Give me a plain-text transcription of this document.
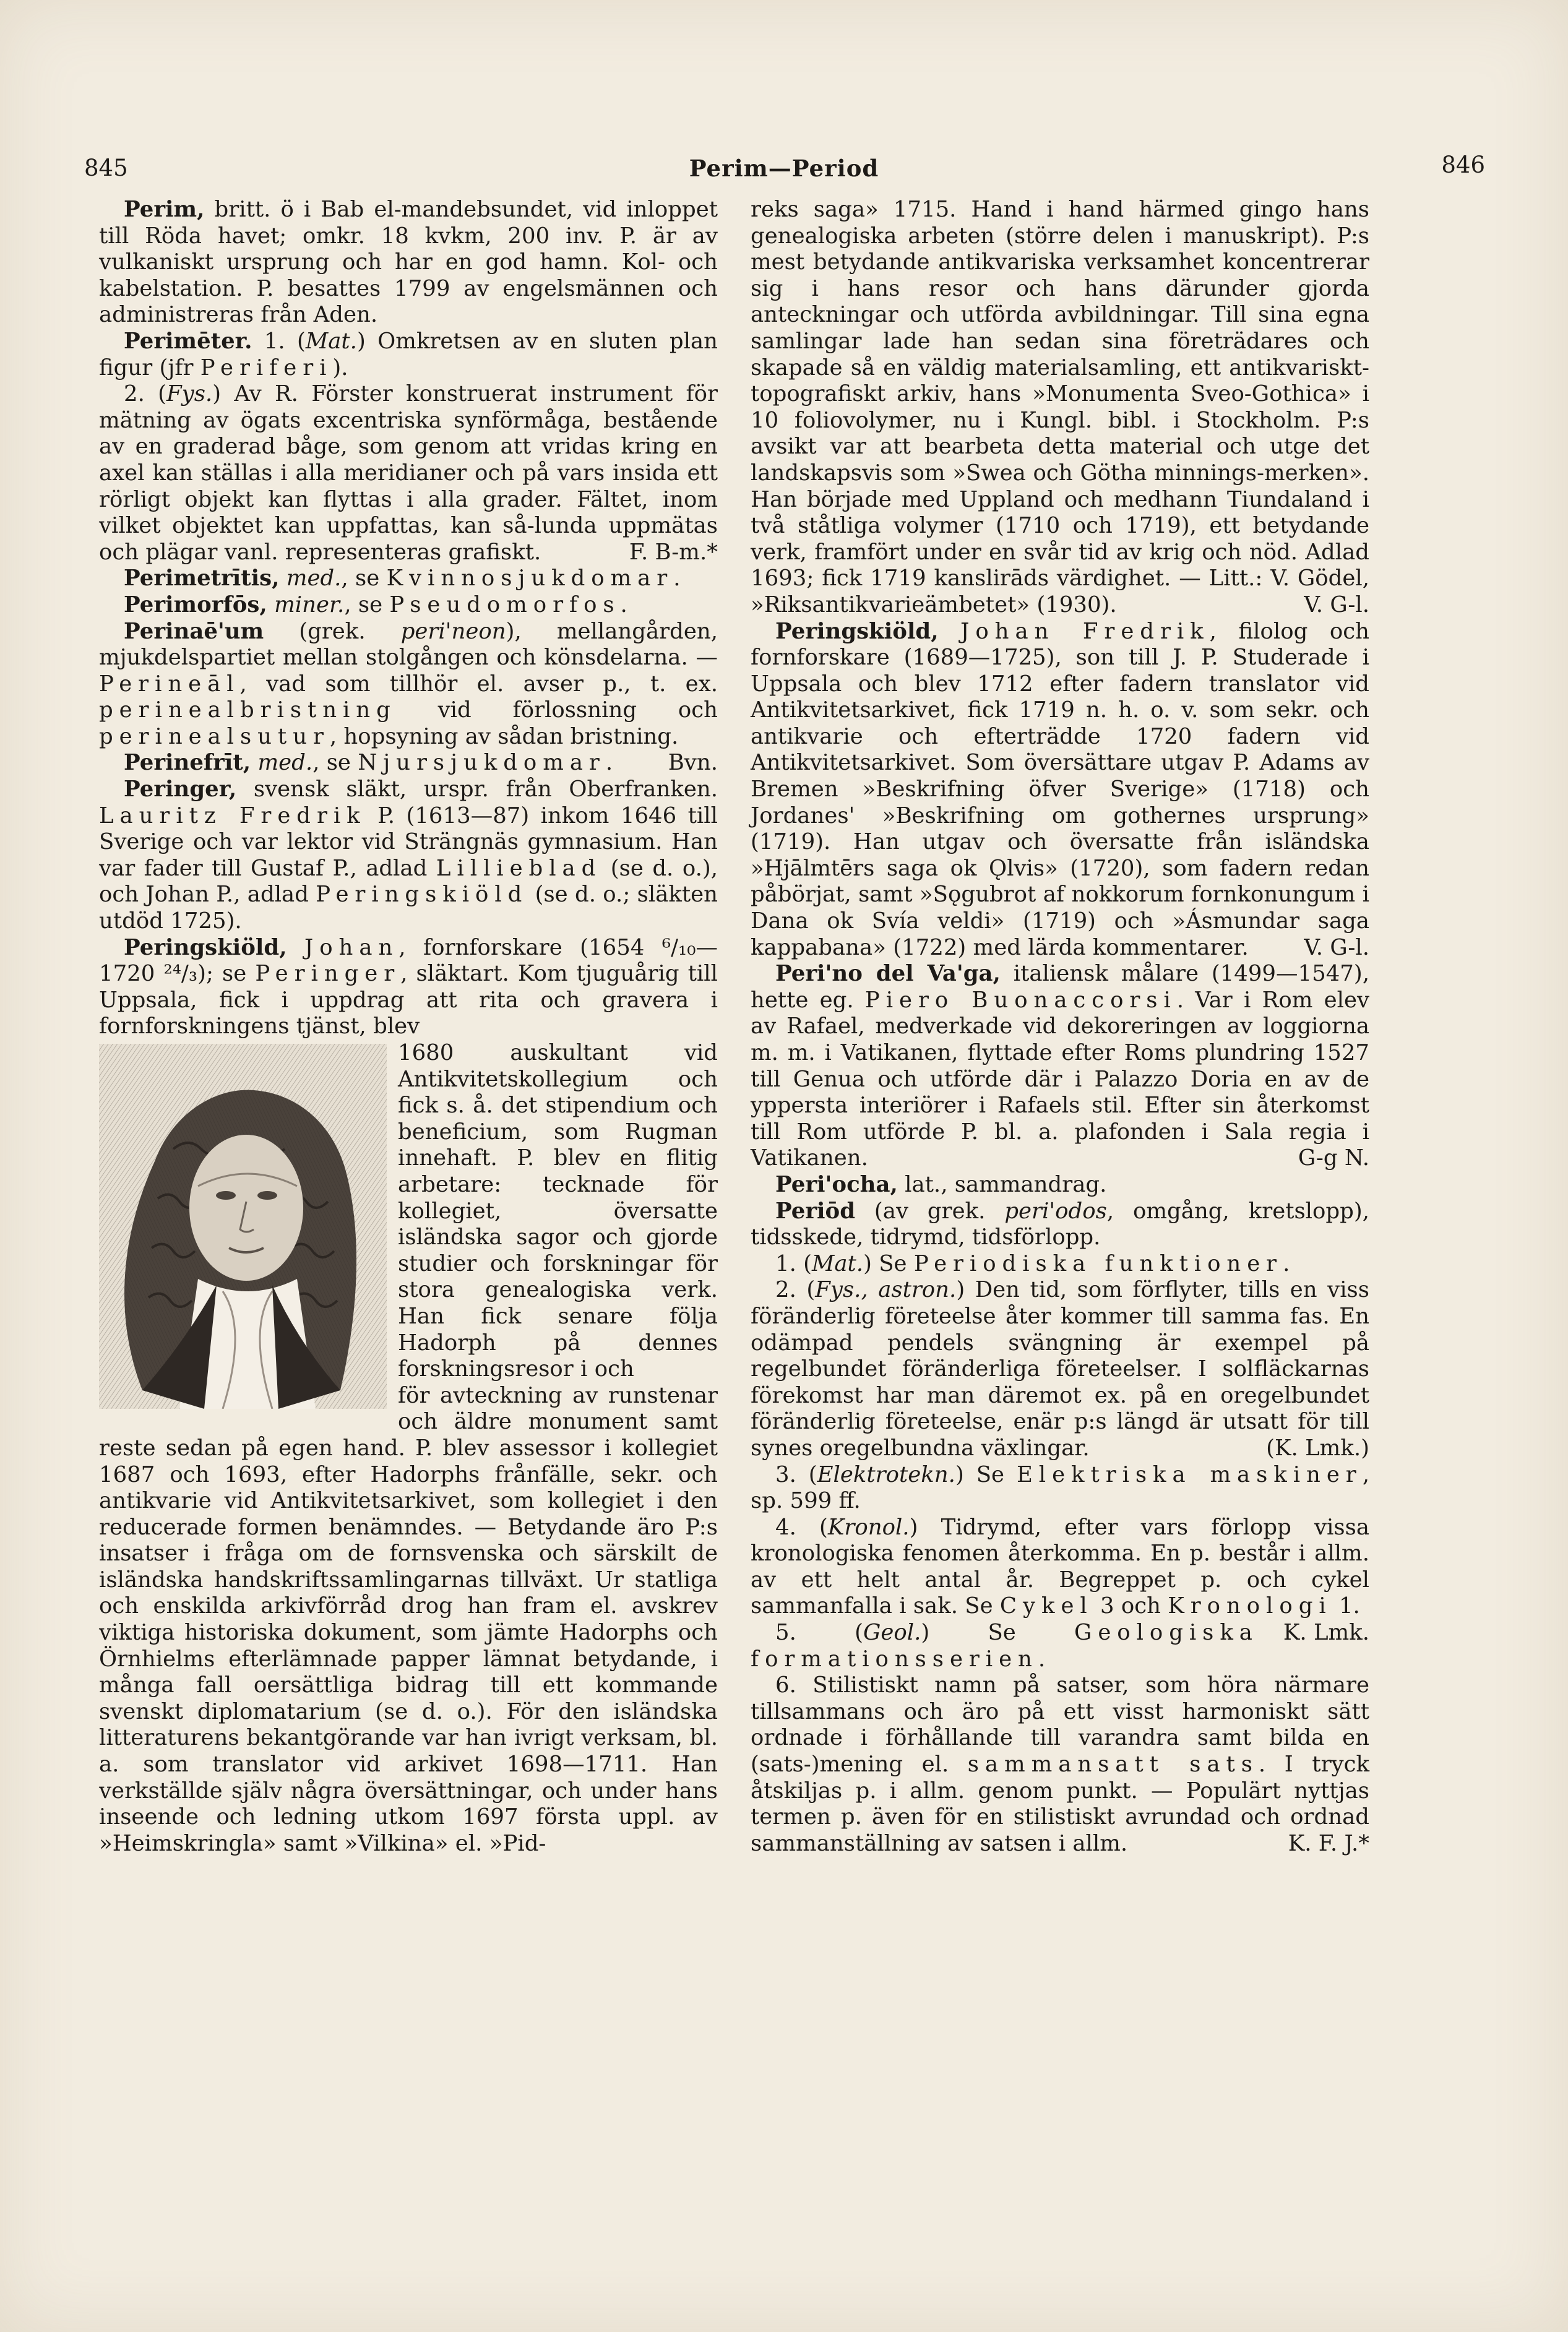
845	Perim—Period	846

Perim, britt. ö i Bab el-mandebsundet, vid inloppet till Röda havet; omkr. 18 kvkm, 200 inv. P. är av vulkaniskt ursprung och har en god hamn. Kol- och kabelstation. P. besattes 1799 av engelsmännen och administreras från Aden.

Perimēter. 1. (Mat.) Omkretsen av en sluten plan figur (jfr Periferi).

2. (Fys.) Av R. Förster konstruerat instrument för mätning av ögats excentriska synförmåga, bestående av en graderad båge, som genom att vridas kring en axel kan ställas i alla meridianer och på vars insida ett rörligt objekt kan flyttas i alla grader. Fältet, inom vilket objektet kan uppfattas, kan så-lunda uppmätas och plägar vanl. representeras grafiskt.	F. B-m.*

Perimetrītis, med., se Kvinnosjukdomar.

Perimorfōs, miner., se Pseudomorfos.

Perinaē'um (grek. peri'neon), mellangården, mjukdelspartiet mellan stolgången och könsdelarna. — Perineāl, vad som tillhör el. avser p., t. ex. perinealbristning vid förlossning och perinealsutur, hopsyning av sådan bristning.
Bvn.

Perinefrīt, med., se Njursjukdomar.

Peringer, svensk släkt, urspr. från Oberfranken. Lauritz Fredrik P. (1613—87) inkom 1646 till Sverige och var lektor vid Strängnäs gymnasium. Han var fader till Gustaf P., adlad Lillieblad (se d. o.), och Johan P., adlad Peringskiöld (se d. o.; släkten utdöd 1725).

Peringskiöld, Johan, fornforskare (1654 ⁶/₁₀—1720 ²⁴/₃); se Peringer, släktart. Kom tjuguårig till Uppsala, fick i uppdrag att rita och gravera i fornforskningens tjänst, blev

1680 auskultant vid Antikvitetskollegium och fick s. å. det stipendium och beneficium, som Rugman innehaft. P. blev en flitig arbetare: tecknade för kollegiet, översatte isländska sagor och gjorde studier och forskningar för stora genealogiska verk. Han fick senare följa Hadorph på dennes forskningsresor i och

för avteckning av runstenar och äldre monument samt reste sedan på egen hand. P. blev assessor i kollegiet 1687 och 1693, efter Hadorphs frånfälle, sekr. och antikvarie vid Antikvitetsarkivet, som kollegiet i den reducerade formen benämndes. — Betydande äro P:s insatser i fråga om de fornsvenska och särskilt de isländska handskriftssamlingarnas tillväxt. Ur statliga och enskilda arkivförråd drog han fram el. avskrev viktiga historiska dokument, som jämte Hadorphs och Örnhielms efterlämnade papper lämnat betydande, i många fall oersättliga bidrag till ett kommande svenskt diplomatarium (se d. o.). För den isländska litteraturens bekantgörande var han ivrigt verksam, bl. a. som translator vid arkivet 1698—1711. Han verkställde själv några översättningar, och under hans inseende och ledning utkom 1697 första uppl. av »Heimskringla» samt »Vilkina» el. »Pid-

reks saga» 1715. Hand i hand härmed gingo hans genealogiska arbeten (större delen i manuskript). P:s mest betydande antikvariska verksamhet koncentrerar sig i hans resor och hans därunder gjorda anteckningar och utförda avbildningar. Till sina egna samlingar lade han sedan sina företrädares och skapade så en väldig materialsamling, ett antikvariskt-topografiskt arkiv, hans »Monumenta Sveo-Gothica» i 10 foliovolymer, nu i Kungl. bibl. i Stockholm. P:s avsikt var att bearbeta detta material och utge det landskapsvis som »Swea och Götha minnings-merken». Han började med Uppland och medhann Tiundaland i två ståtliga volymer (1710 och 1719), ett betydande verk, framfört under en svår tid av krig och nöd. Adlad 1693; fick 1719 kanslirāds värdighet. — Litt.: V. Gödel, »Riksantikvarieämbetet» (1930).	V. G-l.

Peringskiöld, Johan Fredrik, filolog och fornforskare (1689—1725), son till J. P. Studerade i Uppsala och blev 1712 efter fadern translator vid Antikvitetsarkivet, fick 1719 n. h. o. v. som sekr. och antikvarie och efterträdde 1720 fadern vid Antikvitetsarkivet. Som översättare utgav P. Adams av Bremen »Beskrifning öfver Sverige» (1718) och Jordanes' »Beskrifning om gothernes ursprung» (1719). Han utgav och översatte från isländska »Hjālmtērs saga ok Ǫlvis» (1720), som fadern redan påbörjat, samt »Sǫgubrot af nokkorum fornkonungum i Dana ok Svía veldi» (1719) och »Ásmundar saga kappabana» (1722) med lärda kommentarer.	V. G-l.

Peri'no del Va'ga, italiensk målare (1499—1547), hette eg. Piero Buonaccorsi. Var i Rom elev av Rafael, medverkade vid dekoreringen av loggiorna m. m. i Vatikanen, flyttade efter Roms plundring 1527 till Genua och utförde där i Palazzo Doria en av de yppersta interiörer i Rafaels stil. Efter sin återkomst till Rom utförde P. bl. a. plafonden i Sala regia i Vatikanen.	G-g N.

Peri'ocha, lat., sammandrag.

Periōd (av grek. peri'odos, omgång, kretslopp), tidsskede, tidrymd, tidsförlopp.

1. (Mat.) Se Periodiska funktioner.

2. (Fys., astron.) Den tid, som förflyter, tills en viss föränderlig företeelse åter kommer till samma fas. En odämpad pendels svängning är exempel på regelbundet föränderliga företeelser. I solfläckarnas förekomst har man däremot ex. på en oregelbundet föränderlig företeelse, enär p:s längd är utsatt för till synes oregelbundna växlingar.	(K. Lmk.)

3. (Elektrotekn.) Se Elektriska maskiner, sp. 599 ff.

4. (Kronol.) Tidrymd, efter vars förlopp vissa kronologiska fenomen återkomma. En p. består i allm. av ett helt antal år. Begreppet p. och cykel sammanfalla i sak. Se Cykel 3 och Kronologi 1.
K. Lmk.

5. (Geol.) Se Geologiska formationsserien.

6. Stilistiskt namn på satser, som höra närmare tillsammans och äro på ett visst harmoniskt sätt ordnade i förhållande till varandra samt bilda en (sats-)mening el. sammansatt sats. I tryck åtskiljas p. i allm. genom punkt. — Populärt nyttjas termen p. även för en stilistiskt avrundad och ordnad sammanställning av satsen i allm.	K. F. J.*
